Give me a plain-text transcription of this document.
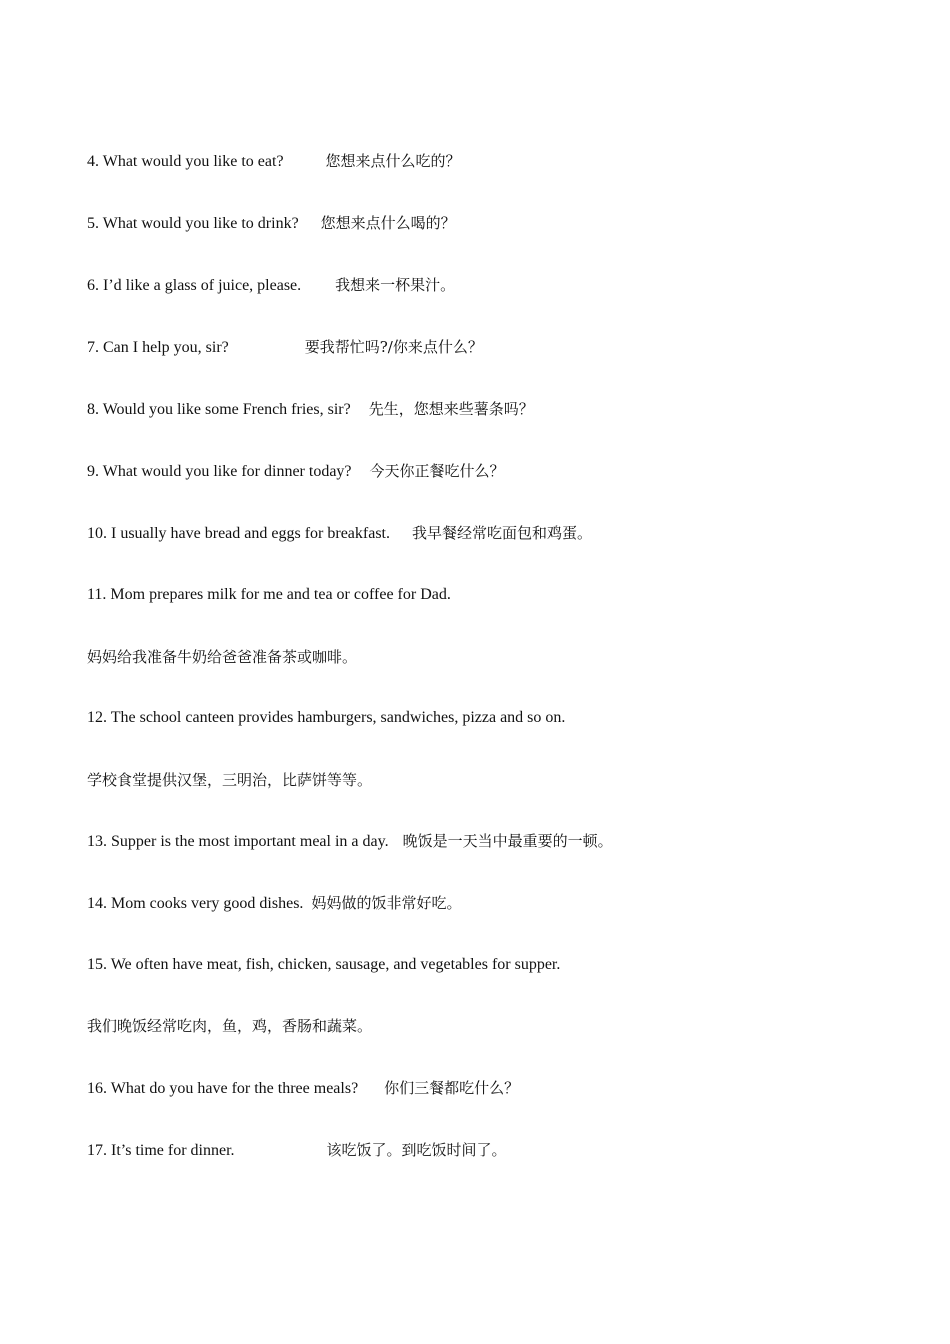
4. What would you like to eat?	您想来点什么吃的？
5. What would you like to drink? 您想来点什么喝的？
6. I’d like a glass of juice, please. 我想来一杯果汁。
7. Can I help you, sir?	要我帮忙吗?/你来点什么？
8. Would you like some French fries, sir? 先生，您想来些薯条吗？
9. What would you like for dinner today? 今天你正餐吃什么？
10. I usually have bread and eggs for breakfast. 我早餐经常吃面包和鸡蛋。
11. Mom prepares milk for me and tea or coffee for Dad.
妈妈给我准备牛奶给爸爸准备茶或咖啡。
12. The school canteen provides hamburgers, sandwiches, pizza and so on.
学校食堂提供汉堡，三明治，比萨饼等等。
13. Supper is the most important meal in a day. 晚饭是一天当中最重要的一顿。
14. Mom cooks very good dishes. 妈妈做的饭非常好吃。
15. We often have meat, fish, chicken, sausage, and vegetables for supper.
我们晚饭经常吃肉，鱼，鸡，香肠和蔬菜。
16. What do you have for the three meals? 你们三餐都吃什么？
17. It’s time for dinner.	该吃饭了。到吃饭时间了。
